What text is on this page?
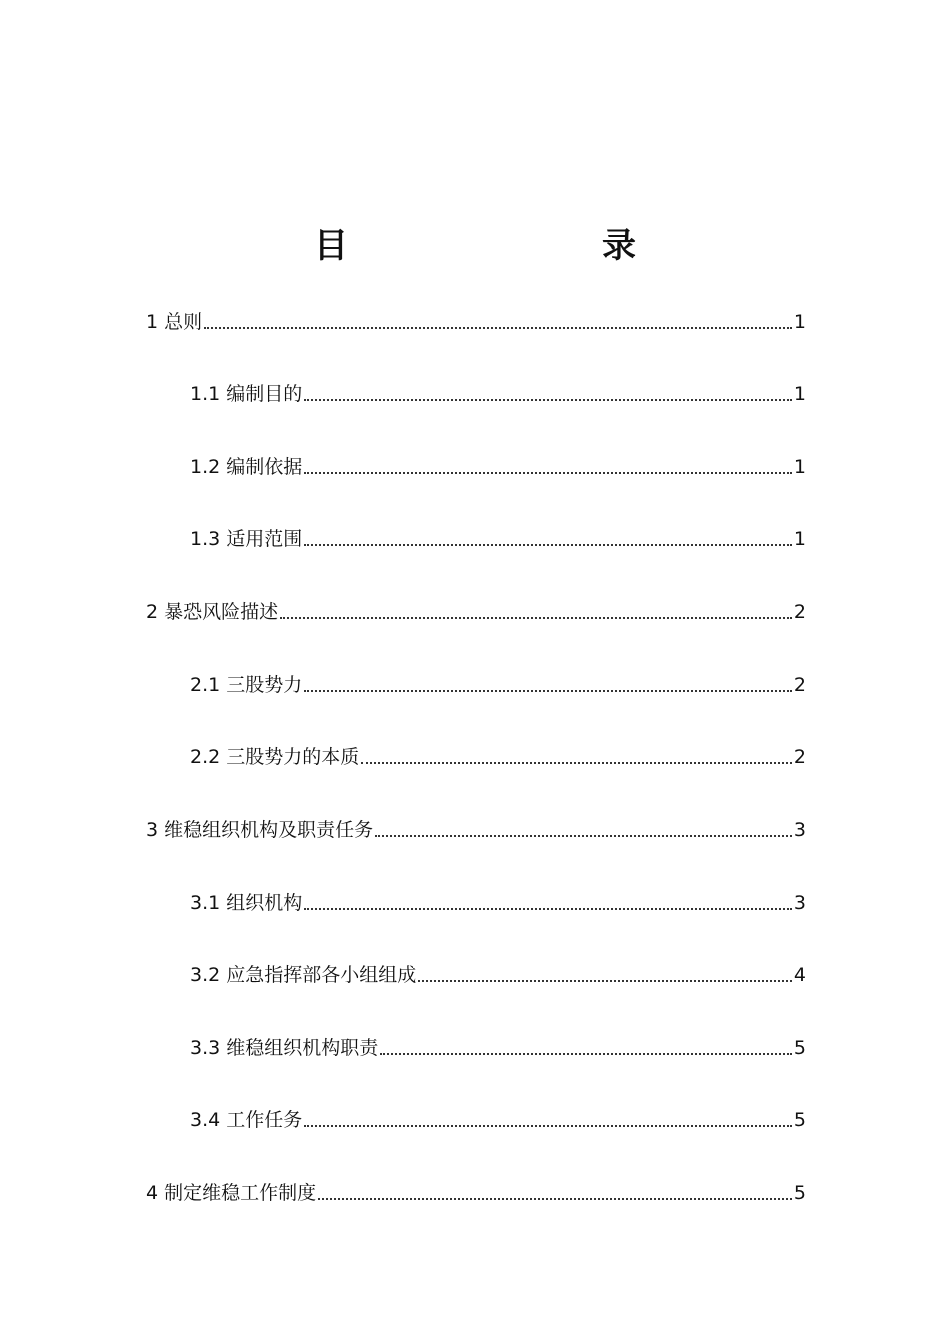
目　　录
1 总则	1
1.1 编制目的	1
1.2 编制依据	1
1.3 适用范围	1
2 暴恐风险描述	2
2.1 三股势力	2
2.2 三股势力的本质	2
3 维稳组织机构及职责任务	3
3.1 组织机构	3
3.2 应急指挥部各小组组成	4
3.3 维稳组织机构职责	5
3.4 工作任务	5
4 制定维稳工作制度	5
